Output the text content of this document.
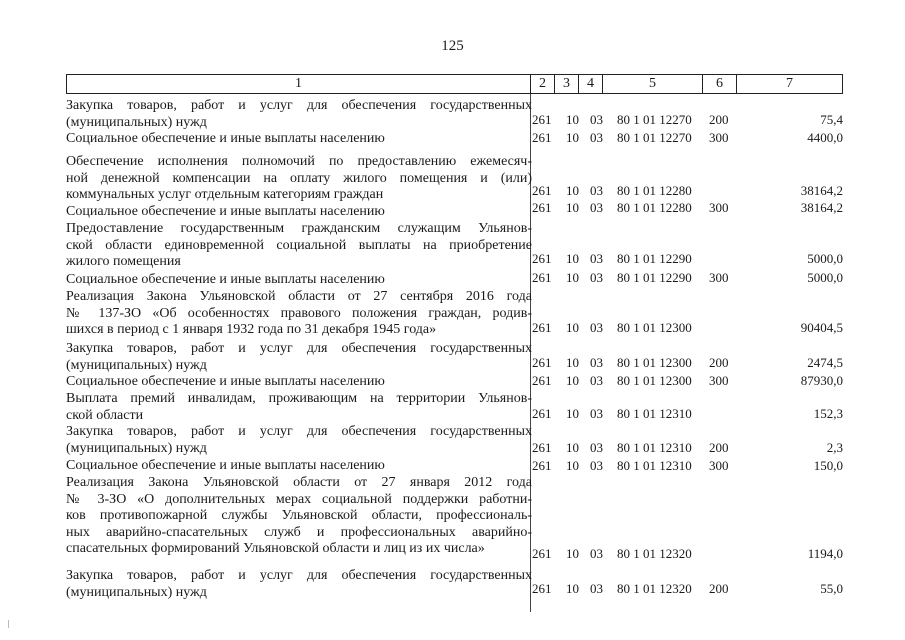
125
1	2	3	4	5	6	7
Закупка товаров, работ и услуг для обеспечения государственных
(муниципальных) нужд	261 10 03 80 1 01 12270 200	75,4
Социальное обеспечение и иные выплаты населению	261 10 03 80 1 01 12270 300	4400,0
Обеспечение исполнения полномочий по предоставлению ежемесяч-
ной денежной компенсации на оплату жилого помещения и (или)
коммунальных услуг отдельным категориям граждан	261 10 03 80 1 01 12280	38164,2
Социальное обеспечение и иные выплаты населению	261 10 03 80 1 01 12280 300	38164,2
Предоставление государственным гражданским служащим Ульянов-
ской области единовременной социальной выплаты на приобретение
жилого помещения	261 10 03 80 1 01 12290	5000,0
Социальное обеспечение и иные выплаты населению	261 10 03 80 1 01 12290 300	5000,0
Реализация Закона Ульяновской области от 27 сентября 2016 года
№ 137-ЗО «Об особенностях правового положения граждан, родив-
шихся в период с 1 января 1932 года по 31 декабря 1945 года»	261 10 03 80 1 01 12300	90404,5
Закупка товаров, работ и услуг для обеспечения государственных
(муниципальных) нужд	261 10 03 80 1 01 12300 200	2474,5
Социальное обеспечение и иные выплаты населению	261 10 03 80 1 01 12300 300	87930,0
Выплата премий инвалидам, проживающим на территории Ульянов-
ской области	261 10 03 80 1 01 12310	152,3
Закупка товаров, работ и услуг для обеспечения государственных
(муниципальных) нужд	261 10 03 80 1 01 12310 200	2,3
Социальное обеспечение и иные выплаты населению	261 10 03 80 1 01 12310 300	150,0
Реализация Закона Ульяновской области от 27 января 2012 года
№ 3-ЗО «О дополнительных мерах социальной поддержки работни-
ков противопожарной службы Ульяновской области, профессиональ-
ных аварийно-спасательных служб и профессиональных аварийно-
спасательных формирований Ульяновской области и лиц из их числа»	261 10 03 80 1 01 12320	1194,0
Закупка товаров, работ и услуг для обеспечения государственных
(муниципальных) нужд	261 10 03 80 1 01 12320 200	55,0
